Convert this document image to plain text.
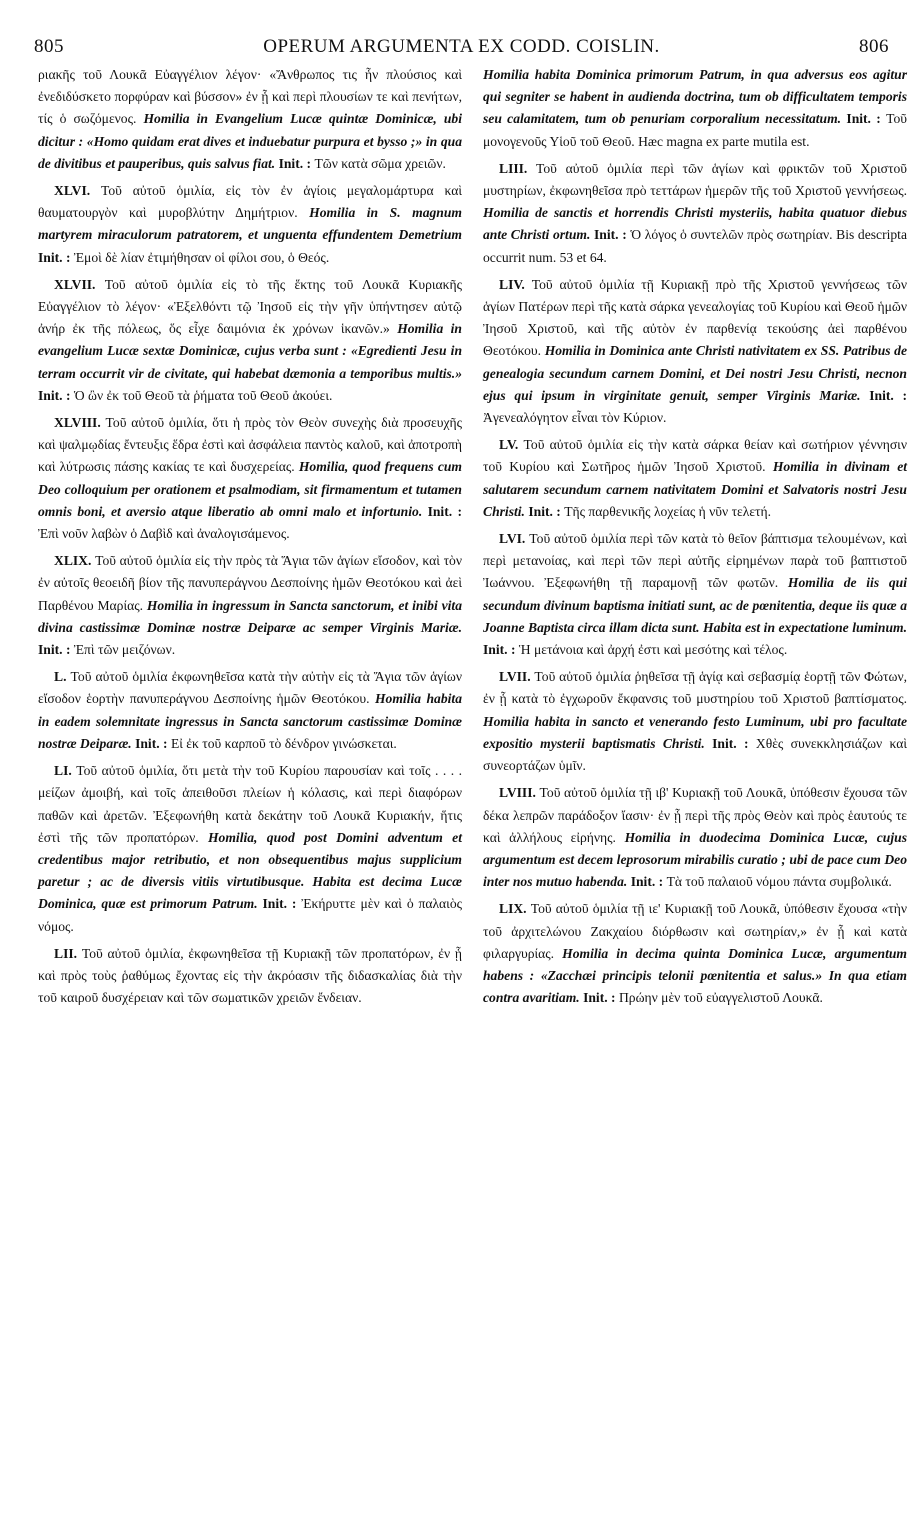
805	OPERUM ARGUMENTA EX CODD. COISLIN.	806

ριακῆς τοῦ Λουκᾶ Εὐαγγέλιον λέγον· «Ἄνθρωπος τις ἦν πλούσιος καὶ ἐνεδιδύσκετο πορφύραν καὶ βύσσον» ἐν ᾗ καὶ περὶ πλουσίων τε καὶ πενήτων, τίς ὁ σωζόμενος. Homilia in Evangelium Lucæ quintæ Dominicæ, ubi dicitur : «Homo quidam erat dives et induebatur purpura et bysso ;» in qua de divitibus et pauperibus, quis salvus fiat. Init. : Τῶν κατὰ σῶμα χρειῶν.

XLVI. Τοῦ αὐτοῦ ὁμιλία, εἰς τὸν ἐν ἁγίοις μεγαλομάρτυρα καὶ θαυματουργὸν καὶ μυροβλύτην Δημήτριον. Homilia in S. magnum martyrem miraculorum patratorem, et unguenta effundentem Demetrium Init. : Ἐμοὶ δὲ λίαν ἐτιμήθησαν οἱ φίλοι σου, ὁ Θεός.

XLVII. Τοῦ αὐτοῦ ὁμιλία εἰς τὸ τῆς ἕκτης τοῦ Λουκᾶ Κυριακῆς Εὐαγγέλιον τὸ λέγον· «Ἐξελθόντι τῷ Ἰησοῦ εἰς τὴν γῆν ὑπήντησεν αὐτῷ ἀνήρ ἐκ τῆς πόλεως, ὅς εἶχε δαιμόνια ἐκ χρόνων ἱκανῶν.» Homilia in evangelium Lucæ sextæ Dominicæ, cujus verba sunt : «Egredienti Jesu in terram occurrit vir de civitate, qui habebat dæmonia a temporibus multis.» Init. : Ὁ ὢν ἐκ τοῦ Θεοῦ τὰ ῥήματα τοῦ Θεοῦ ἀκούει.

XLVIII. Τοῦ αὐτοῦ ὁμιλία, ὅτι ἡ πρὸς τὸν Θεὸν συνεχὴς διὰ προσευχῆς καὶ ψαλμῳδίας ἔντευξις ἕδρα ἐστὶ καὶ ἀσφάλεια παντὸς καλοῦ, καὶ ἀποτροπὴ καὶ λύτρωσις πάσης κακίας τε καὶ δυσχερείας. Homilia, quod frequens cum Deo colloquium per orationem et psalmodiam, sit firmamentum et tutamen omnis boni, et aversio atque liberatio ab omni malo et infortunio. Init. : Ἐπὶ νοῦν λαβὼν ὁ Δαβὶδ καὶ ἀναλογισάμενος.

XLIX. Τοῦ αὐτοῦ ὁμιλία εἰς τὴν πρὸς τὰ Ἅγια τῶν ἁγίων εἴσοδον, καὶ τὸν ἐν αὐτοῖς θεοειδῆ βίον τῆς πανυπεράγνου Δεσποίνης ἡμῶν Θεοτόκου καὶ ἀεὶ Παρθένου Μαρίας. Homilia in ingressum in Sancta sanctorum, et inibi vita divina castissimæ Dominæ nostræ Deiparæ ac semper Virginis Mariæ. Init. : Ἐπὶ τῶν μειζόνων.

L. Τοῦ αὐτοῦ ὁμιλία ἐκφωνηθεῖσα κατὰ τὴν αὐτὴν εἰς τὰ Ἅγια τῶν ἁγίων εἴσοδον ἑορτὴν πανυπεράγνου Δεσποίνης ἡμῶν Θεοτόκου. Homilia habita in eadem solemnitate ingressus in Sancta sanctorum castissimæ Dominæ nostræ Deiparæ. Init. : Εἰ ἐκ τοῦ καρποῦ τὸ δένδρον γινώσκεται.

LI. Τοῦ αὐτοῦ ὁμιλία, ὅτι μετὰ τὴν τοῦ Κυρίου παρουσίαν καὶ τοῖς . . . . μείζων ἀμοιβή, καὶ τοῖς ἀπειθοῦσι πλείων ἡ κόλασις, καὶ περὶ διαφόρων παθῶν καὶ ἀρετῶν. Ἐξεφωνήθη κατὰ δεκάτην τοῦ Λουκᾶ Κυριακήν, ἥτις ἐστὶ τῆς τῶν προπατόρων. Homilia, quod post Domini adventum et credentibus major retributio, et non obsequentibus majus supplicium paretur ; ac de diversis vitiis virtutibusque. Habita est decima Lucæ Dominica, quæ est primorum Patrum. Init. : Ἐκήρυττε μὲν καὶ ὁ παλαιὸς νόμος.

LII. Τοῦ αὐτοῦ ὁμιλία, ἐκφωνηθεῖσα τῇ Κυριακῇ τῶν προπατόρων, ἐν ᾗ καὶ πρὸς τοὺς ῥαθύμως ἔχοντας εἰς τὴν ἀκρόασιν τῆς διδασκαλίας διὰ τὴν τοῦ καιροῦ δυσχέρειαν καὶ τῶν σωματικῶν χρειῶν ἔνδειαν.

Homilia habita Dominica primorum Patrum, in qua adversus eos agitur qui segniter se habent in audienda doctrina, tum ob difficultatem temporis seu calamitatem, tum ob penuriam corporalium necessitatum. Init. : Τοῦ μονογενοῦς Υἱοῦ τοῦ Θεοῦ. Hæc magna ex parte mutila est.

LIII. Τοῦ αὐτοῦ ὁμιλία περὶ τῶν ἁγίων καὶ φρικτῶν τοῦ Χριστοῦ μυστηρίων, ἐκφωνηθεῖσα πρὸ τεττάρων ἡμερῶν τῆς τοῦ Χριστοῦ γεννήσεως. Homilia de sanctis et horrendis Christi mysteriis, habita quatuor diebus ante Christi ortum. Init. : Ὁ λόγος ὁ συντελῶν πρὸς σωτηρίαν. Bis descripta occurrit num. 53 et 64.

LIV. Τοῦ αὐτοῦ ὁμιλία τῇ Κυριακῇ πρὸ τῆς Χριστοῦ γεννήσεως τῶν ἁγίων Πατέρων περὶ τῆς κατὰ σάρκα γενεαλογίας τοῦ Κυρίου καὶ Θεοῦ ἡμῶν Ἰησοῦ Χριστοῦ, καὶ τῆς αὐτὸν ἐν παρθενίᾳ τεκούσης ἀεὶ παρθένου Θεοτόκου. Homilia in Dominica ante Christi nativitatem ex SS. Patribus de genealogia secundum carnem Domini, et Dei nostri Jesu Christi, necnon ejus qui ipsum in virginitate genuit, semper Virginis Mariæ. Init. : Ἀγενεαλόγητον εἶναι τὸν Κύριον.

LV. Τοῦ αὐτοῦ ὁμιλία εἰς τὴν κατὰ σάρκα θείαν καὶ σωτήριον γέννησιν τοῦ Κυρίου καὶ Σωτῆρος ἡμῶν Ἰησοῦ Χριστοῦ. Homilia in divinam et salutarem secundum carnem nativitatem Domini et Salvatoris nostri Jesu Christi. Init. : Τῆς παρθενικῆς λοχείας ἡ νῦν τελετή.

LVI. Τοῦ αὐτοῦ ὁμιλία περὶ τῶν κατὰ τὸ θεῖον βάπτισμα τελουμένων, καὶ περὶ μετανοίας, καὶ περὶ τῶν περὶ αὐτῆς εἰρημένων παρὰ τοῦ βαπτιστοῦ Ἰωάννου. Ἐξεφωνήθη τῇ παραμονῇ τῶν φωτῶν. Homilia de iis qui secundum divinum baptisma initiati sunt, ac de pœnitentia, deque iis quæ a Joanne Baptista circa illam dicta sunt. Habita est in expectatione luminum. Init. : Ἡ μετάνοια καὶ ἀρχή ἐστι καὶ μεσότης καὶ τέλος.

LVII. Τοῦ αὐτοῦ ὁμιλία ῥηθεῖσα τῇ ἁγίᾳ καὶ σεβασμίᾳ ἑορτῇ τῶν Φώτων, ἐν ᾗ κατὰ τὸ ἐγχωροῦν ἔκφανσις τοῦ μυστηρίου τοῦ Χριστοῦ βαπτίσματος. Homilia habita in sancto et venerando festo Luminum, ubi pro facultate expositio mysterii baptismatis Christi. Init. : Χθὲς συνεκκλησιάζων καὶ συνεορτάζων ὑμῖν.

LVIII. Τοῦ αὐτοῦ ὁμιλία τῇ ιβ' Κυριακῇ τοῦ Λουκᾶ, ὑπόθεσιν ἔχουσα τῶν δέκα λεπρῶν παράδοξον ἴασιν· ἐν ᾗ περὶ τῆς πρὸς Θεὸν καὶ πρὸς ἑαυτούς τε καὶ ἀλλήλους εἰρήνης. Homilia in duodecima Dominica Lucæ, cujus argumentum est decem leprosorum mirabilis curatio ; ubi de pace cum Deo inter nos mutuo habenda. Init. : Τὰ τοῦ παλαιοῦ νόμου πάντα συμβολικά.

LIX. Τοῦ αὐτοῦ ὁμιλία τῇ ιε' Κυριακῇ τοῦ Λουκᾶ, ὑπόθεσιν ἔχουσα «τὴν τοῦ ἀρχιτελώνου Ζακχαίου διόρθωσιν καὶ σωτηρίαν,» ἐν ᾗ καὶ κατὰ φιλαργυρίας. Homilia in decima quinta Dominica Lucæ, argumentum habens : «Zacchæi principis telonii pœnitentia et salus.» In qua etiam contra avaritiam. Init. : Πρώην μὲν τοῦ εὐαγγελιστοῦ Λουκᾶ.
